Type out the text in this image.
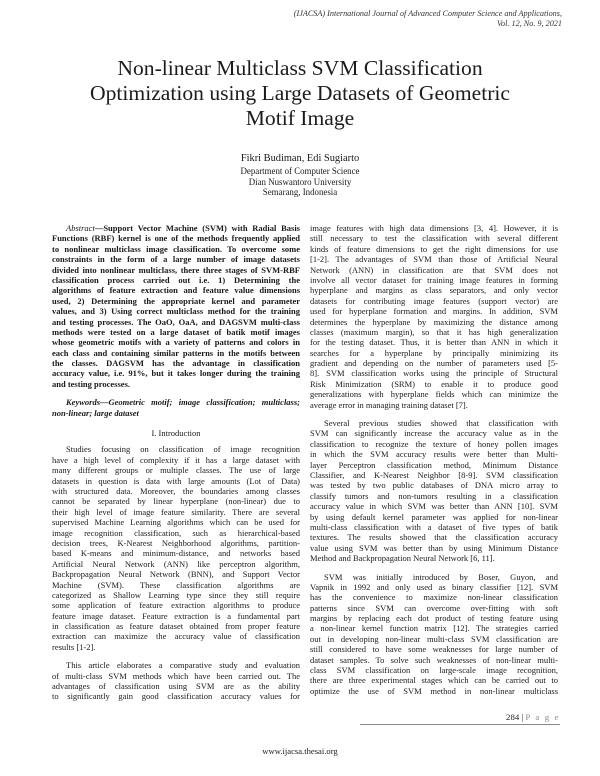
(IJACSA) International Journal of Advanced Computer Science and Applications,
Vol. 12, No. 9, 2021
Non-linear Multiclass SVM Classification
Optimization using Large Datasets of Geometric
Motif Image
Fikri Budiman, Edi Sugiarto
Department of Computer Science
Dian Nuswantoro University
Semarang, Indonesia
Abstract—Support Vector Machine (SVM) with Radial Basis
Functions (RBF) kernel is one of the methods frequently applied
to nonlinear multiclass image classification. To overcome some
constraints in the form of a large number of image datasets
divided into nonlinear multiclass, there three stages of SVM-RBF
classification process carried out i.e. 1) Determining the
algorithms of feature extraction and feature value dimensions
used, 2) Determining the appropriate kernel and parameter
values, and 3) Using correct multiclass method for the training
and testing processes. The OaO, OaA, and DAGSVM multi-class
methods were tested on a large dataset of batik motif images
whose geometric motifs with a variety of patterns and colors in
each class and containing similar patterns in the motifs between
the classes. DAGSVM has the advantage in classification
accuracy value, i.e. 91%, but it takes longer during the training
and testing processes.
Keywords—Geometric motif; image classification; multiclass;
non-linear; large dataset
I. Introduction
Studies focusing on classification of image recognition
have a high level of complexity if it has a large dataset with
many different groups or multiple classes. The use of large
datasets in question is data with large amounts (Lot of Data)
with structured data. Moreover, the boundaries among classes
cannot be separated by linear hyperplane (non-linear) due to
their high level of image feature similarity. There are several
supervised Machine Learning algorithms which can be used for
image recognition classification, such as hierarchical-based
decision trees, K-Nearest Neighborhood algorithms, partition-
based K-means and minimum-distance, and networks based
Artificial Neural Network (ANN) like perceptron algorithm,
Backpropagation Neural Network (BNN), and Support Vector
Machine (SVM). These classification algorithms are
categorized as Shallow Learning type since they still require
some application of feature extraction algorithms to produce
feature image dataset. Feature extraction is a fundamental part
in classification as feature dataset obtained from proper feature
extraction can maximize the accuracy value of classification
results [1-2].
This article elaborates a comparative study and evaluation
of multi-class SVM methods which have been carried out. The
advantages of classification using SVM are as the ability
to significantly gain good classification accuracy values for
image features with high data dimensions [3, 4]. However, it is
still necessary to test the classification with several different
kinds of feature dimensions to get the right dimensions for use
[1-2]. The advantages of SVM than those of Artificial Neural
Network (ANN) in classification are that SVM does not
involve all vector dataset for training image features in forming
hyperplane and margins as class separators, and only vector
datasets for contributing image features (support vector) are
used for hyperplane formation and margins. In addition, SVM
determines the hyperplane by maximizing the distance among
classes (maximum margin), so that it has high generalization
for the testing dataset. Thus, it is better than ANN in which it
searches for a hyperplane by principally minimizing its
gradient and depending on the number of parameters used [5-
8]. SVM classification works using the principle of Structural
Risk Minimization (SRM) to enable it to produce good
generalizations with hyperplane fields which can minimize the
average error in managing training dataset [7].
Several previous studies showed that classification with
SVM can significantly increase the accuracy value as in the
classification to recognize the texture of honey pollen images
in which the SVM accuracy results were better than Multi-
layer Perceptron classification method, Minimum Distance
Classifier, and K-Nearest Neighbor [8-9]. SVM classification
was tested by two public databases of DNA micro array to
classify tumors and non-tumors resulting in a classification
accuracy value in which SVM was better than ANN [10]. SVM
by using default kernel parameter was applied for non-linear
multi-class classification with a dataset of five types of batik
textures. The results showed that the classification accuracy
value using SVM was better than by using Minimum Distance
Method and Backpropagation Neural Network [6, 11].
SVM was initially introduced by Boser, Guyon, and
Vapnik in 1992 and only used as binary classifier [12]. SVM
has the convenience to maximize non-linear classification
patterns since SVM can overcome over-fitting with soft
margins by replacing each dot product of testing feature using
a non-linear kernel function matrix [12]. The strategies carried
out in developing non-linear multi-class SVM classification are
still considered to have some weaknesses for large number of
dataset samples. To solve such weaknesses of non-linear multi-
class SVM classification on large-scale image recognition,
there are three experimental stages which can be carried out to
optimize the use of SVM method in non-linear multiclass
284 | P a g e
www.ijacsa.thesai.org
